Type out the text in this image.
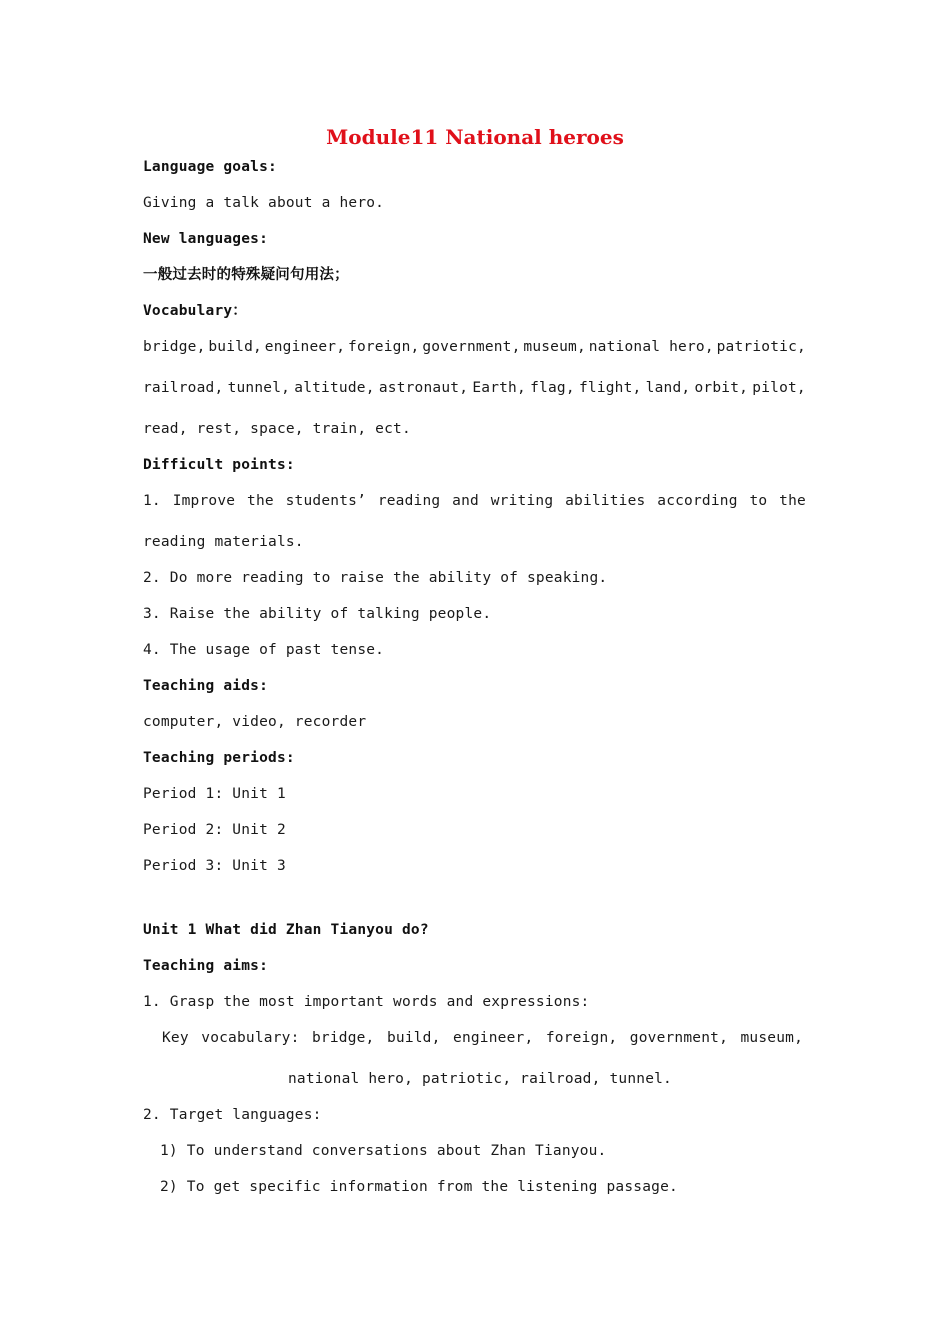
Module11 National heroes
Language goals:
Giving a talk about a hero.
New languages:
一般过去时的特殊疑问句用法；
Vocabulary：
bridge, build, engineer, foreign, government, museum, national hero, patriotic,
railroad, tunnel, altitude, astronaut, Earth, flag, flight, land, orbit, pilot,
read, rest, space, train, ect.
Difficult points:
1. Improve the students’ reading and writing abilities according to the
reading materials.
2. Do more reading to raise the ability of speaking.
3. Raise the ability of talking people.
4. The usage of past tense.
Teaching aids:
computer, video, recorder
Teaching periods:
Period 1: Unit 1
Period 2: Unit 2
Period 3: Unit 3
Unit 1 What did Zhan Tianyou do?
Teaching aims:
1. Grasp the most important words and expressions:
Key vocabulary: bridge, build, engineer, foreign, government, museum,
national hero, patriotic, railroad, tunnel.
2. Target languages:
1) To understand conversations about Zhan Tianyou.
2) To get specific information from the listening passage.
